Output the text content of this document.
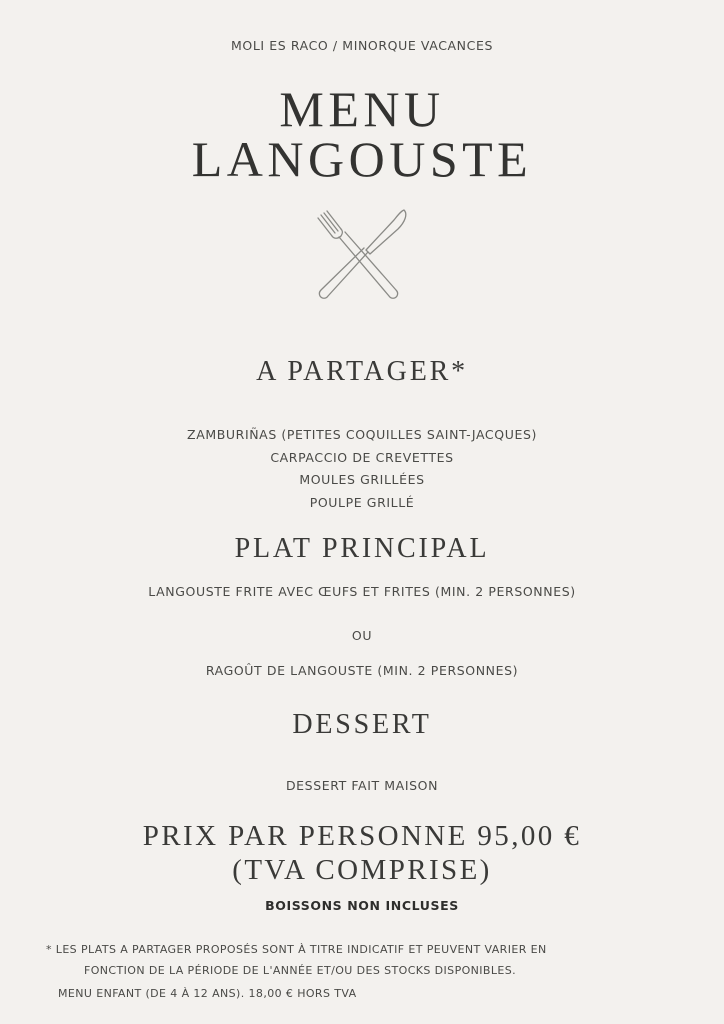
MOLI ES RACO / MINORQUE VACANCES
MENU
LANGOUSTE
A PARTAGER*
ZAMBURIÑAS (PETITES COQUILLES SAINT-JACQUES)
CARPACCIO DE CREVETTES
MOULES GRILLÉES
POULPE GRILLÉ
PLAT PRINCIPAL
LANGOUSTE FRITE AVEC ŒUFS ET FRITES (MIN. 2 PERSONNES)
OU
RAGOÛT DE LANGOUSTE (MIN. 2 PERSONNES)
DESSERT
DESSERT FAIT MAISON
PRIX PAR PERSONNE 95,00 €
(TVA COMPRISE)
BOISSONS NON INCLUSES
* LES PLATS A PARTAGER PROPOSÉS SONT À TITRE INDICATIF ET PEUVENT VARIER EN
FONCTION DE LA PÉRIODE DE L'ANNÉE ET/OU DES STOCKS DISPONIBLES.
MENU ENFANT (DE 4 À 12 ANS). 18,00 € HORS TVA
